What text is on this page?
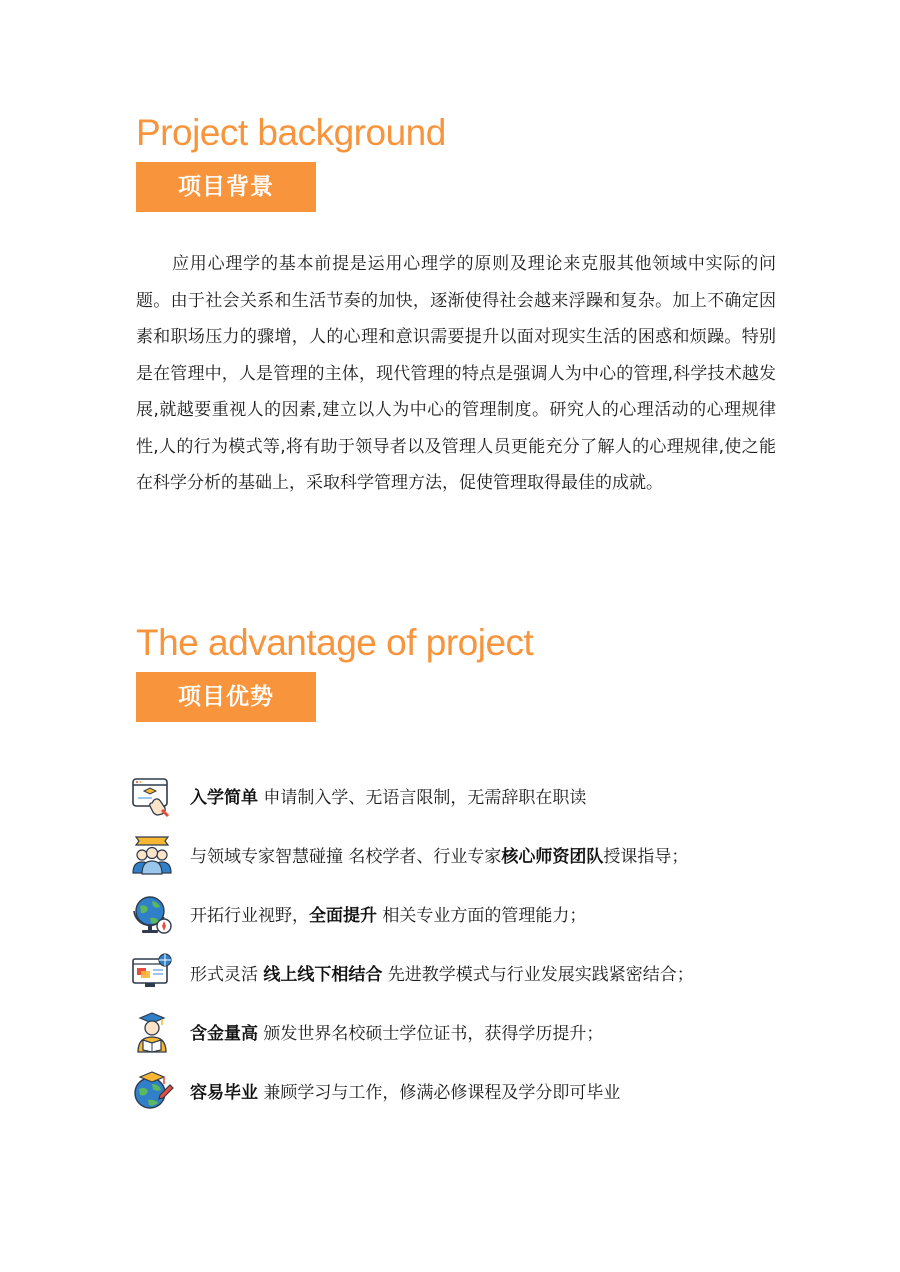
Project background
项目背景

应用心理学的基本前提是运用心理学的原则及理论来克服其他领域中实际的问题。由于社会关系和生活节奏的加快，逐渐使得社会越来浮躁和复杂。加上不确定因素和职场压力的骤增，人的心理和意识需要提升以面对现实生活的困惑和烦躁。特别是在管理中，人是管理的主体，现代管理的特点是强调人为中心的管理,科学技术越发展,就越要重视人的因素,建立以人为中心的管理制度。研究人的心理活动的心理规律性,人的行为模式等,将有助于领导者以及管理人员更能充分了解人的心理规律,使之能在科学分析的基础上，采取科学管理方法，促使管理取得最佳的成就。

The advantage of project
项目优势
入学简单 申请制入学、无语言限制，无需辞职在职读
与领域专家智慧碰撞 名校学者、行业专家核心师资团队授课指导；
开拓行业视野，全面提升 相关专业方面的管理能力；
形式灵活 线上线下相结合 先进教学模式与行业发展实践紧密结合；
含金量高 颁发世界名校硕士学位证书，获得学历提升；
容易毕业 兼顾学习与工作，修满必修课程及学分即可毕业
